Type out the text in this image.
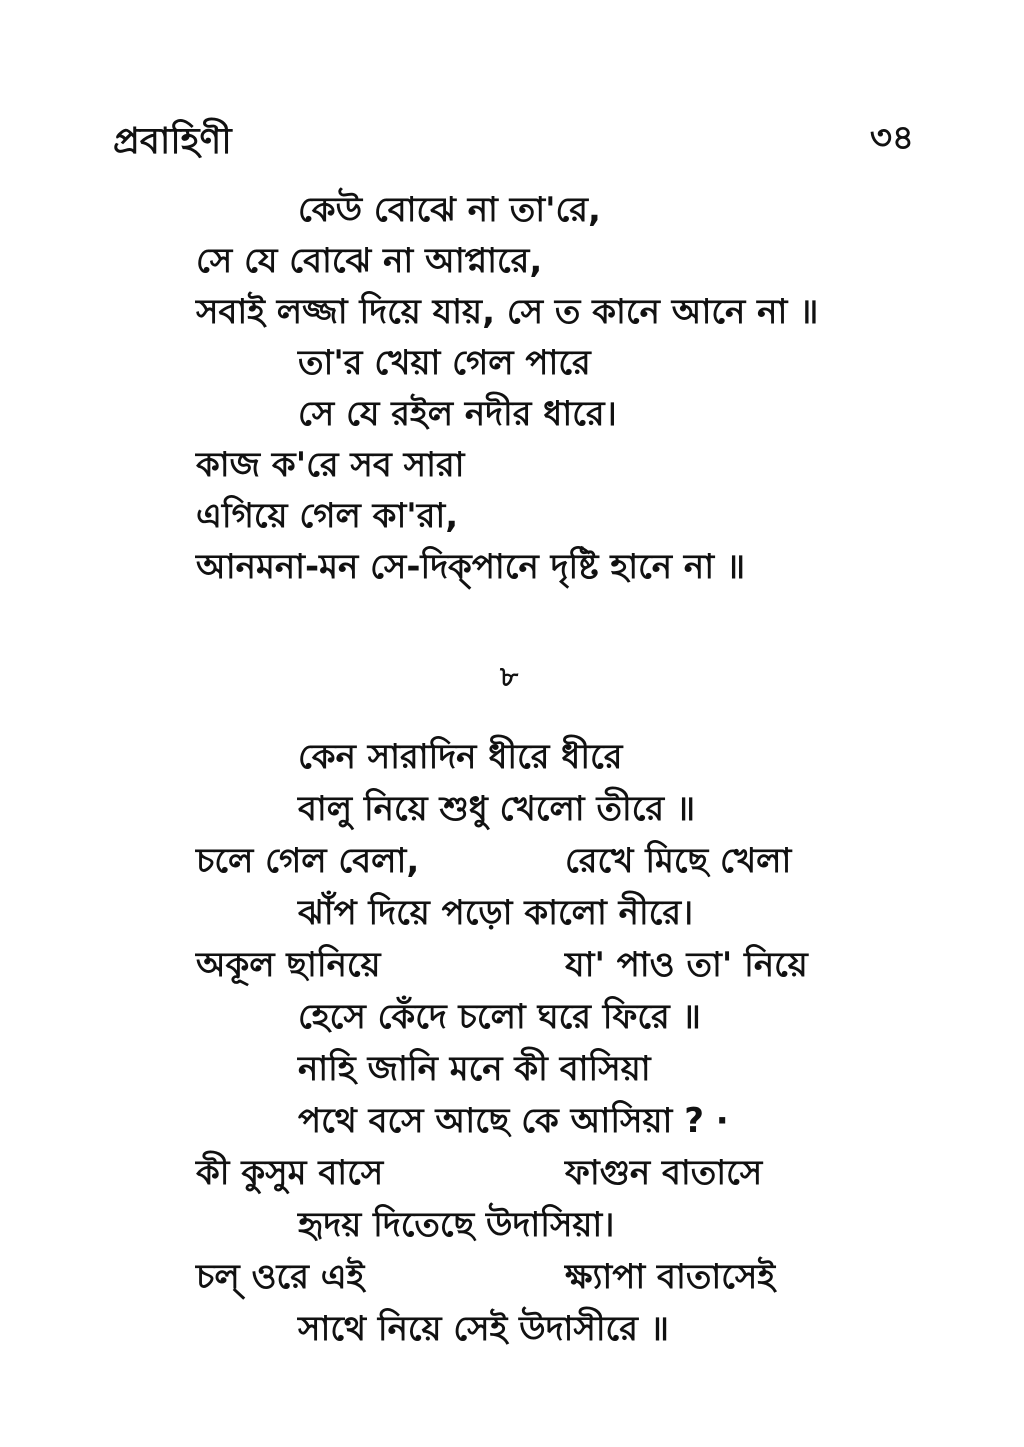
প্রবাহিণী	৩৪
কেউ বোঝে না তা'রে,
সে যে বোঝে না আপ্নারে,
সবাই লজ্জা দিয়ে যায়, সে ত কানে আনে না ॥
তা'র খেয়া গেল পারে
সে যে রইল নদীর ধারে।
কাজ ক'রে সব সারা
এগিয়ে গেল কা'রা,
আনমনা-মন সে-দিক্‌পানে দৃষ্টি হানে না ॥
৮
কেন সারাদিন ধীরে ধীরে
বালু নিয়ে শুধু খেলো তীরে ॥
চলে গেল বেলা,	রেখে মিছে খেলা
ঝাঁপ দিয়ে পড়ো কালো নীরে।
অকূল ছানিয়ে	যা' পাও তা' নিয়ে
হেসে কেঁদে চলো ঘরে ফিরে ॥
নাহি জানি মনে কী বাসিয়া
পথে বসে আছে কে আসিয়া ? ·
কী কুসুম বাসে	ফাগুন বাতাসে
হৃদয় দিতেছে উদাসিয়া।
চল্‌ ওরে এই	ক্ষ্যাপা বাতাসেই
সাথে নিয়ে সেই উদাসীরে ॥
